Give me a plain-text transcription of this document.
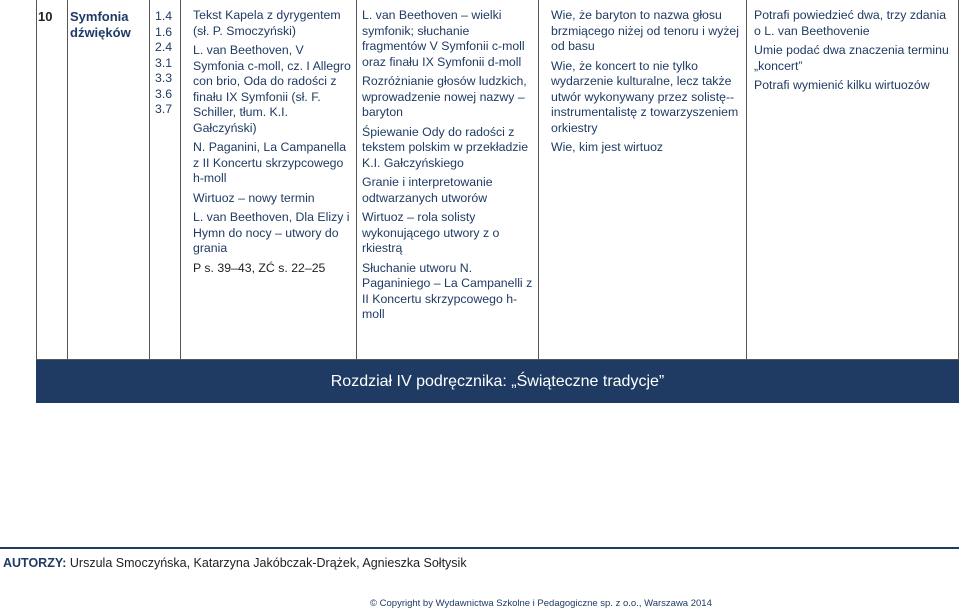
10 Symfonia
dźwięków
1.4
1.6
2.4
3.1
3.3
3.6
3.7

Tekst Kapela z dyrygentem (sł. P. Smoczyński)

L. van Beethoven, V Symfonia c-moll, cz. I Allegro con brio, Oda do radości z finału IX Symfonii (sł. F. Schiller, tłum. K.I. Gałczyński)

N. Paganini, La Campanella z II Koncertu skrzypcowego h-moll

Wirtuoz – nowy termin

L. van Beethoven, Dla Elizy i Hymn do nocy – utwory do grania

P s. 39–43, ZĆ s. 22–25

L. van Beethoven – wielki symfonik; słuchanie fragmentów V Symfonii c-moll oraz finału IX Symfonii d-moll

Rozróżnianie głosów ludzkich, wprowadzenie nowej nazwy – baryton

Śpiewanie Ody do radości z tekstem polskim w przekładzie K.I. Gałczyńskiego

Granie i interpretowanie odtwarzanych utworów

Wirtuoz – rola solisty wykonującego utwory z o rkiestrą

Słuchanie utworu N. Paganiniego – La Campanelli z II Koncertu skrzypcowego h-moll

Wie, że baryton to nazwa głosu brzmiącego niżej od tenoru i wyżej od basu

Wie, że koncert to nie tylko wydarzenie kulturalne, lecz także utwór wykonywany przez solistę--instrumentalistę z towarzyszeniem orkiestry

Wie, kim jest wirtuoz

Potrafi powiedzieć dwa, trzy zdania o L. van Beethovenie

Umie podać dwa znaczenia terminu „koncert”

Potrafi wymienić kilku wirtuozów

Rozdział IV podręcznika: „Świąteczne tradycje”
AUTORZY: Urszula Smoczyńska, Katarzyna Jakóbczak-Drążek, Agnieszka Sołtysik
© Copyright by Wydawnictwa Szkolne i Pedagogiczne sp. z o.o., Warszawa 2014
